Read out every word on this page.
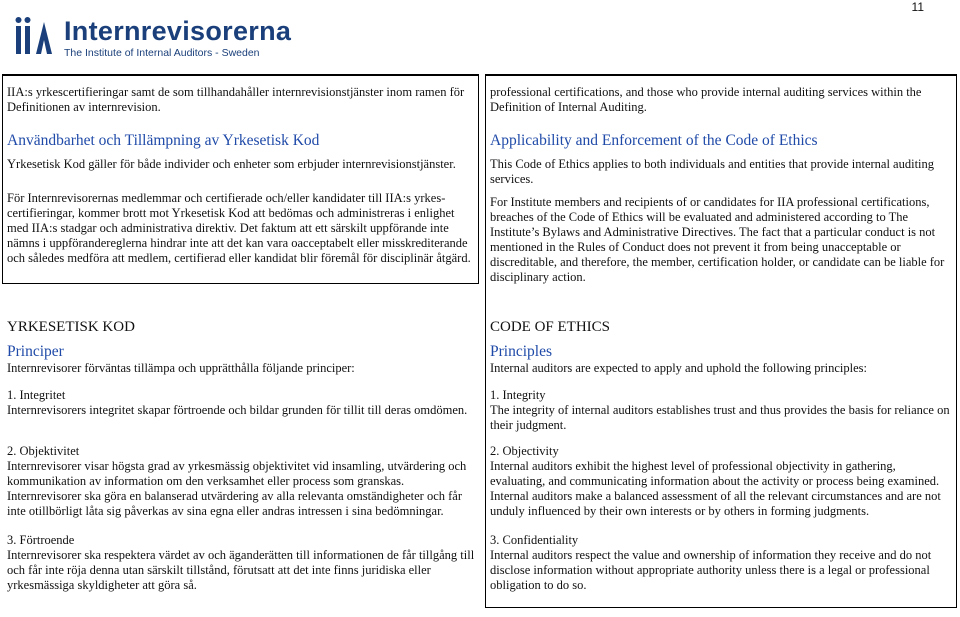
11
Internrevisorerna
The Institute of Internal Auditors - Sweden

IIA:s yrkescertifieringar samt de som tillhandahåller internrevisionstjänster inom ramen för Definitionen av internrevision.

Användbarhet och Tillämpning av Yrkesetisk Kod

Yrkesetisk Kod gäller för både individer och enheter som erbjuder internrevisionstjänster.

För Internrevisorernas medlemmar och certifierade och/eller kandidater till IIA:s yrkes- certifieringar, kommer brott mot Yrkesetisk Kod att bedömas och administreras i enlighet med IIA:s stadgar och administrativa direktiv. Det faktum att ett särskilt uppförande inte nämns i uppförandereglerna hindrar inte att det kan vara oacceptabelt eller misskrediterande och således medföra att medlem, certifierad eller kandidat blir föremål för disciplinär åtgärd.

YRKESETISK KOD

Principer

Internrevisorer förväntas tillämpa och upprätthålla följande principer:

1. Integritet

Internrevisorers integritet skapar förtroende och bildar grunden för tillit till deras omdömen.

2. Objektivitet

Internrevisorer visar högsta grad av yrkesmässig objektivitet vid insamling, utvärdering och kommunikation av information om den verksamhet eller process som granskas. Internrevisorer ska göra en balanserad utvärdering av alla relevanta omständigheter och får inte otillbörligt låta sig påverkas av sina egna eller andras intressen i sina bedömningar.

3. Förtroende

Internrevisorer ska respektera värdet av och äganderätten till informationen de får tillgång till och får inte röja denna utan särskilt tillstånd, förutsatt att det inte finns juridiska eller yrkesmässiga skyldigheter att göra så.

professional certifications, and those who provide internal auditing services within the Definition of Internal Auditing.

Applicability and Enforcement of the Code of Ethics

This Code of Ethics applies to both individuals and entities that provide internal auditing services.

For Institute members and recipients of or candidates for IIA professional certifications, breaches of the Code of Ethics will be evaluated and administered according to The Institute’s Bylaws and Administrative Directives. The fact that a particular conduct is not mentioned in the Rules of Conduct does not prevent it from being unacceptable or discreditable, and therefore, the member, certification holder, or candidate can be liable for disciplinary action.

CODE OF ETHICS

Principles

Internal auditors are expected to apply and uphold the following principles:

1. Integrity

The integrity of internal auditors establishes trust and thus provides the basis for reliance on their judgment.

2. Objectivity

Internal auditors exhibit the highest level of professional objectivity in gathering, evaluating, and communicating information about the activity or process being examined. Internal auditors make a balanced assessment of all the relevant circumstances and are not unduly influenced by their own interests or by others in forming judgments.

3. Confidentiality

Internal auditors respect the value and ownership of information they receive and do not disclose information without appropriate authority unless there is a legal or professional obligation to do so.
